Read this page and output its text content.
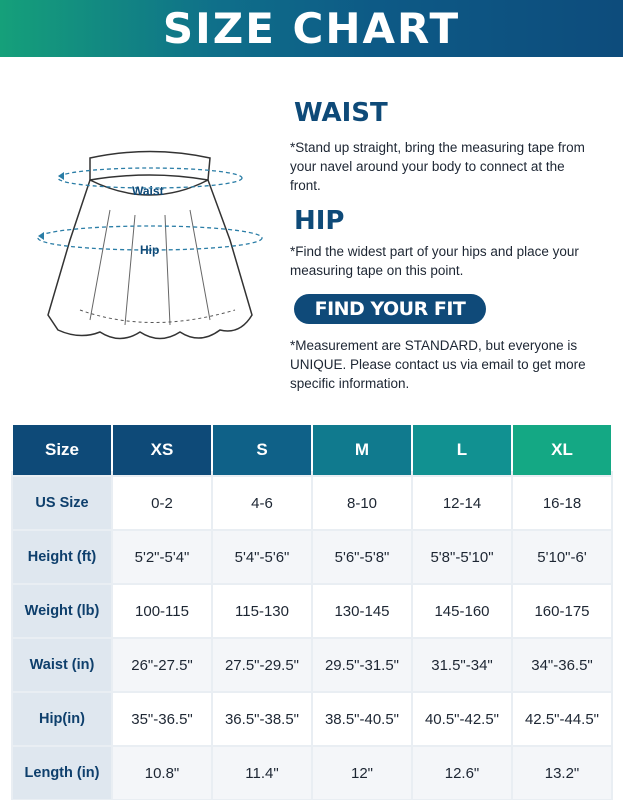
SIZE CHART
Waist
Hip
WAIST

*Stand up straight, bring the measuring tape from your navel around your body to connect at the front.

HIP

*Find the widest part of your hips and place your measuring tape on this point.

FIND YOUR FIT

*Measurement are STANDARD, but everyone is UNIQUE. Please contact us via email to get more specific information.

Size	XS	S	M	L	XL
US Size	0-2	4-6	8-10	12-14	16-18
Height (ft)	5'2"-5'4"	5'4"-5'6"	5'6"-5'8"	5'8"-5'10"	5'10"-6'
Weight (lb)	100-115	115-130	130-145	145-160	160-175
Waist (in)	26"-27.5"	27.5"-29.5"	29.5"-31.5"	31.5"-34"	34"-36.5"
Hip(in)	35"-36.5"	36.5"-38.5"	38.5"-40.5"	40.5"-42.5"	42.5"-44.5"
Length (in)	10.8"	11.4"	12"	12.6"	13.2"
